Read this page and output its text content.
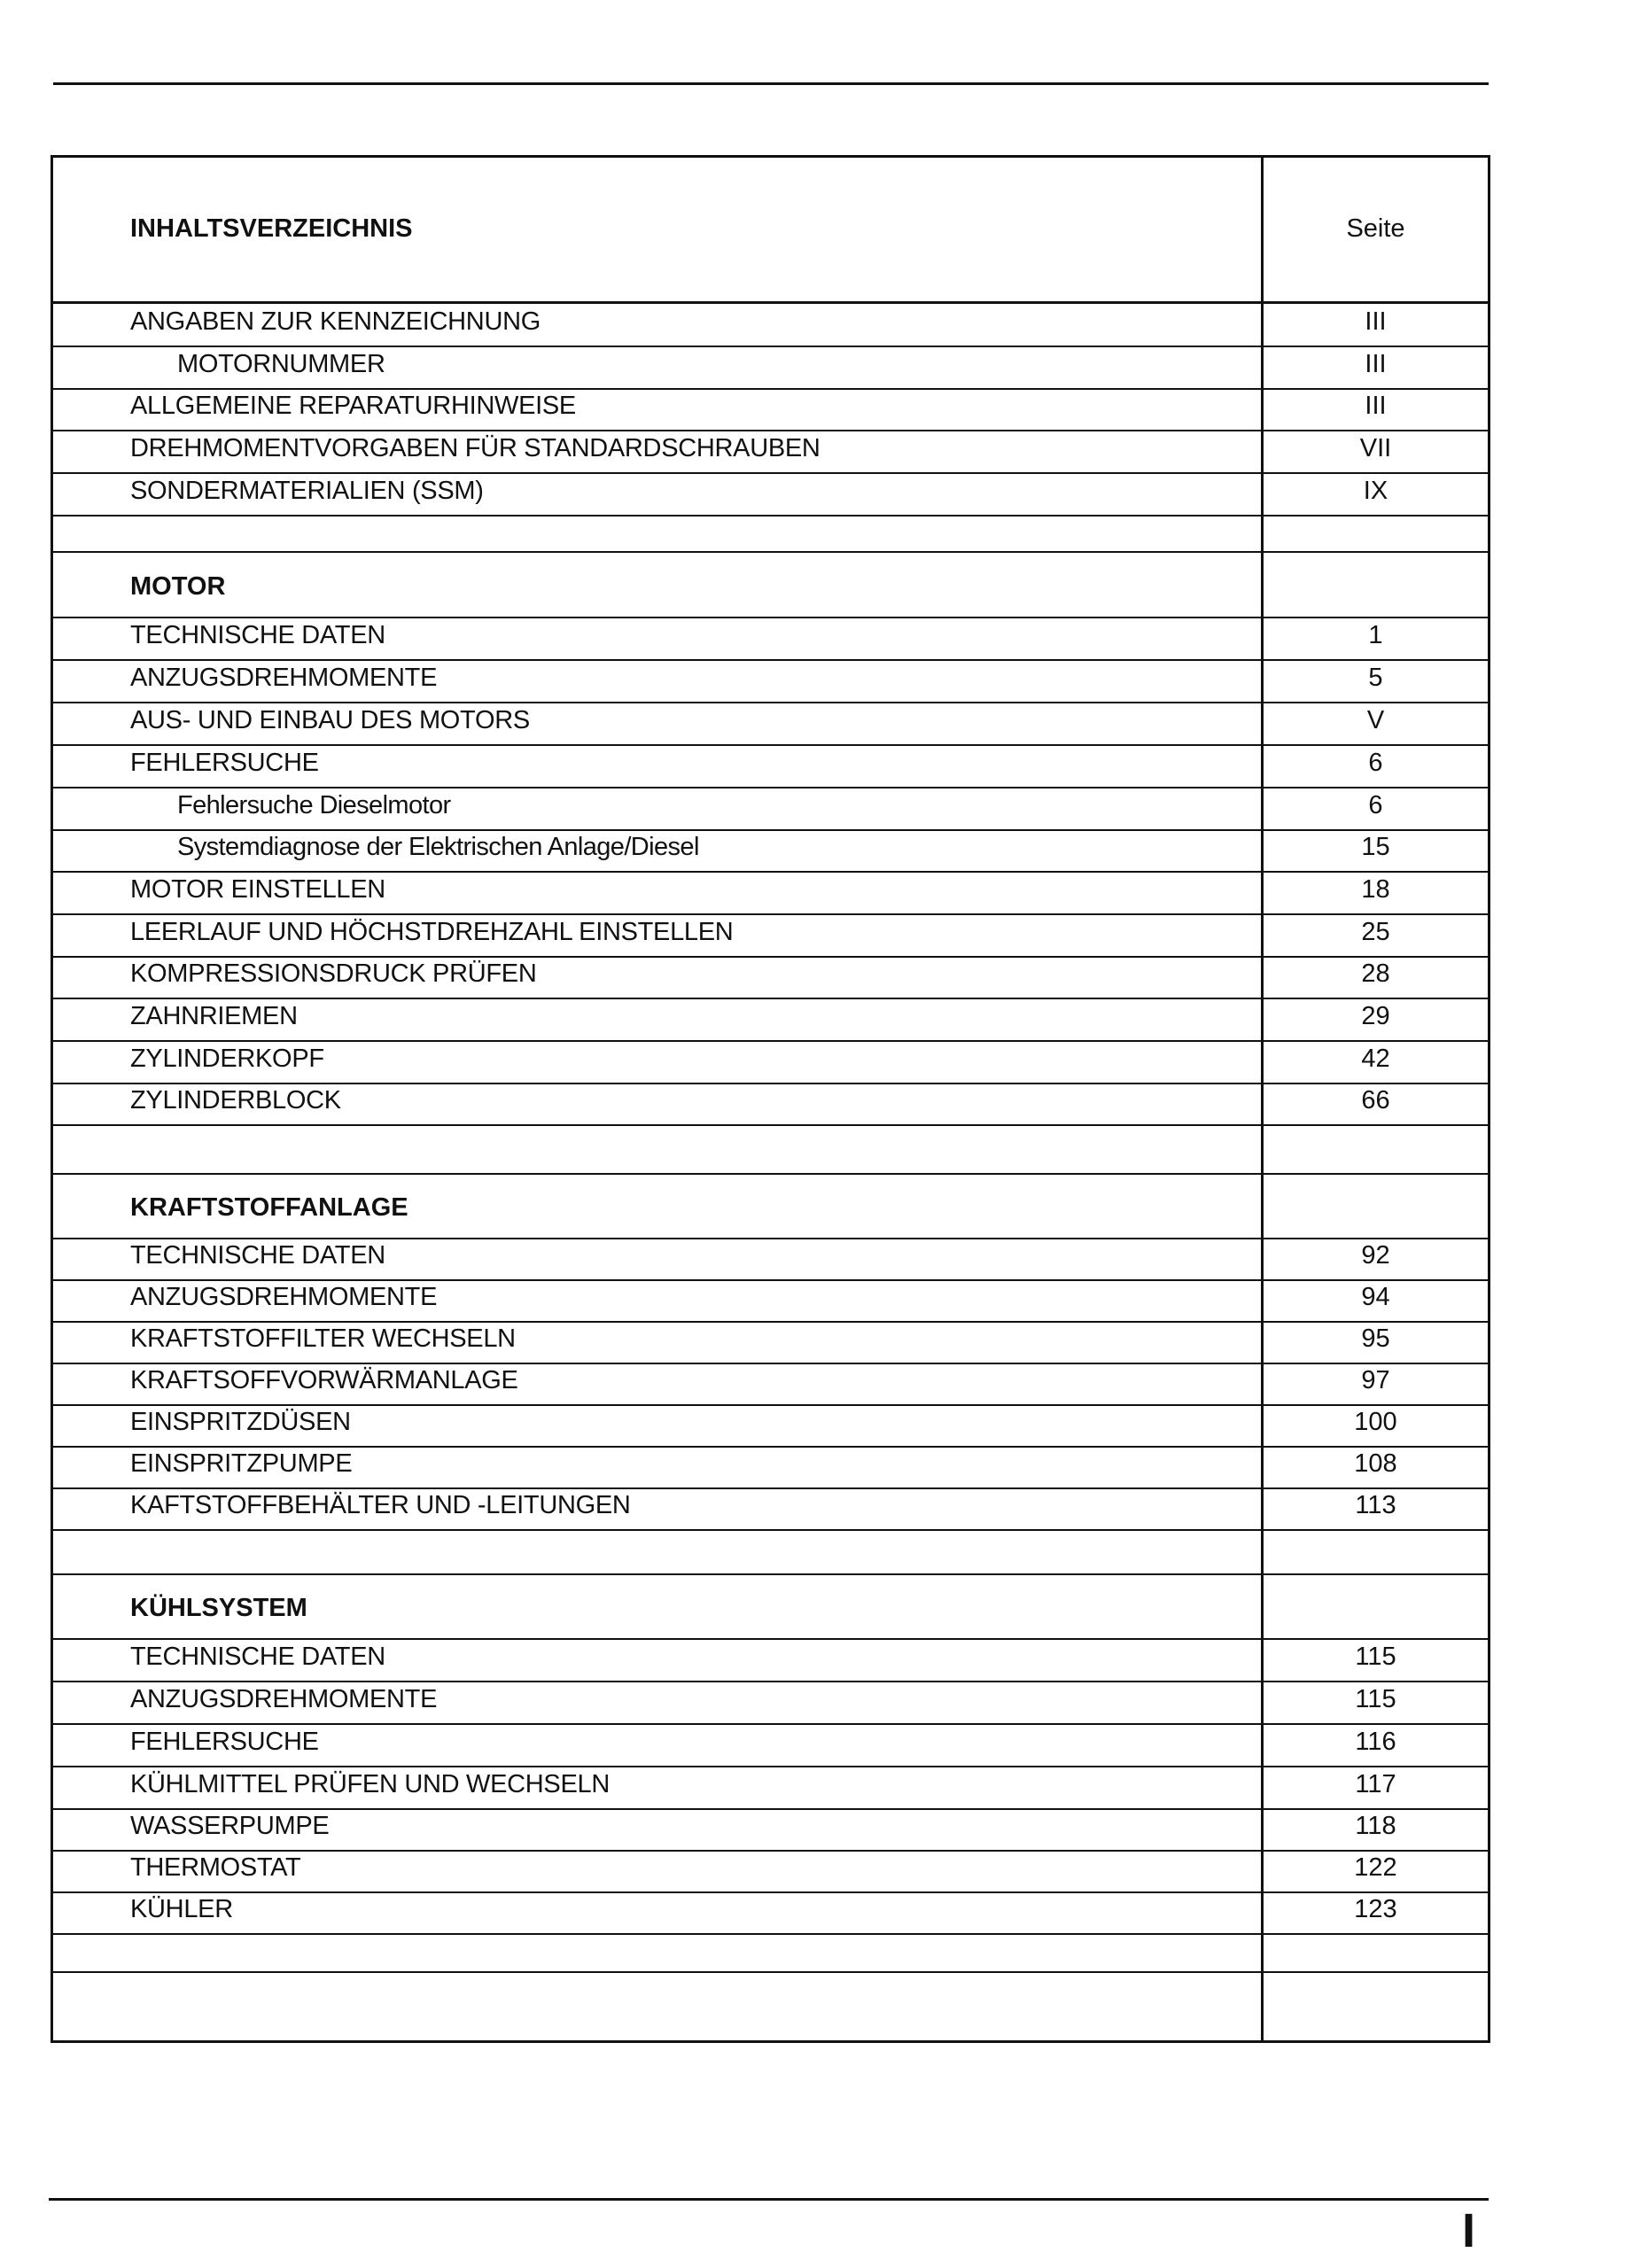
INHALTSVERZEICHNIS	Seite
ANGABEN ZUR KENNZEICHNUNG	III
MOTORNUMMER	III
ALLGEMEINE REPARATURHINWEISE	III
DREHMOMENTVORGABEN FÜR STANDARDSCHRAUBEN	VII
SONDERMATERIALIEN (SSM)	IX
MOTOR
TECHNISCHE DATEN	1
ANZUGSDREHMOMENTE	5
AUS- UND EINBAU DES MOTORS	V
FEHLERSUCHE	6
Fehlersuche Dieselmotor	6
Systemdiagnose der Elektrischen Anlage/Diesel	15
MOTOR EINSTELLEN	18
LEERLAUF UND HÖCHSTDREHZAHL EINSTELLEN	25
KOMPRESSIONSDRUCK PRÜFEN	28
ZAHNRIEMEN	29
ZYLINDERKOPF	42
ZYLINDERBLOCK	66
KRAFTSTOFFANLAGE
TECHNISCHE DATEN	92
ANZUGSDREHMOMENTE	94
KRAFTSTOFFILTER WECHSELN	95
KRAFTSOFFVORWÄRMANLAGE	97
EINSPRITZDÜSEN	100
EINSPRITZPUMPE	108
KAFTSTOFFBEHÄLTER UND -LEITUNGEN	113
KÜHLSYSTEM
TECHNISCHE DATEN	115
ANZUGSDREHMOMENTE	115
FEHLERSUCHE	116
KÜHLMITTEL PRÜFEN UND WECHSELN	117
WASSERPUMPE	118
THERMOSTAT	122
KÜHLER	123
I
